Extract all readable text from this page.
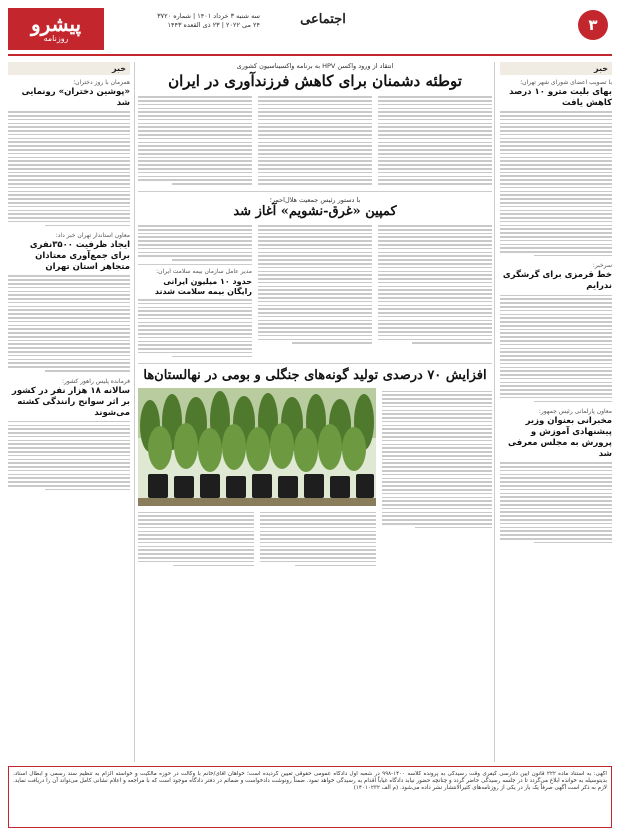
پیشرو
روزنامه
سه شنبه ۳ خرداد ۱۴۰۱ | شماره ۳۷۲۰
۲۴ می ۲۰۲۲ | ۲۳ ذی القعده ۱۴۴۳	اجتماعی	۳
خبر
با تصویب اعضای شورای شهر تهران؛
بهای بلیت مترو ۱۰ درصد کاهش یافت
سرخبر:
خط قرمزی برای گرشگری ندرایم
معاون پارلمانی رئیس جمهور:
مخبرانی بعنوان وزیر پیشنهادی آموزش و پرورش به مجلس معرفی شد
انتقاد از ورود واکسن HPV به برنامه واکسیناسیون کشوری
توطئه دشمنان برای کاهش فرزندآوری در ایران
با دستور رئیس جمعیت هلال‌احمر؛
کمپین «غرق-نشویم» آغاز شد
مدیر عامل سازمان بیمه سلامت ایران:
حدود ۱۰ میلیون ایرانی رایگان بیمه سلامت شدند
افزایش ۷۰ درصدی تولید گونه‌های جنگلی و بومی در نهالستان‌ها
خبر
همزمان با روز دختران؛
«پوشین دختران» رونمایی شد
معاون استاندار تهران خبر داد:
ایجاد ظرفیت ۳۵۰۰نفری برای جمع‌آوری معتادان متجاهر استان تهران
فرمانده پلیس راهور کشور:
سالانه ۱۸ هزار نفر در کشور بر اثر سوانح رانندگی کشته می‌شوند
آگهی: به استناد ماده ۲۲۲ قانون آیین دادرسی کیفری وقت رسیدگی به پرونده کلاسه ۱۴۰۰-۹۹۸ در شعبه اول دادگاه عمومی حقوقی تعیین گردیده است؛ خواهان آقای/خانم با وکالت در حوزه مالکیت و خواسته الزام به تنظیم سند رسمی و ابطال اسناد، بدینوسیله به خوانده ابلاغ می‌گردد تا در جلسه رسیدگی حاضر گردد و چنانچه حضور نیابد دادگاه غیاباً اقدام به رسیدگی خواهد نمود. ضمناً رونوشت دادخواست و ضمائم در دفتر دادگاه موجود است که با مراجعه و اعلام نشانی کامل می‌تواند آن را دریافت نماید. لازم به ذکر است آگهی صرفاً یک بار در یکی از روزنامه‌های کثیرالانتشار نشر داده می‌شود. (م الف ۱۴۰۱۰۲۳۲)
